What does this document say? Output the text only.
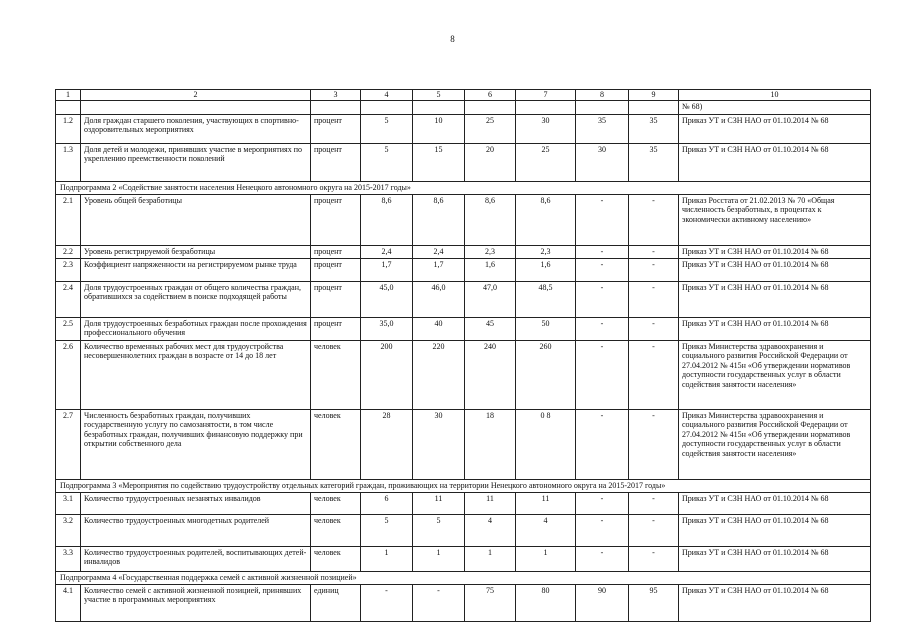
8
1	2	3	4	5	6	7	8	9	10
									№ 68)
1.2	Доля граждан старшего поколения, участвующих в спортивно-оздоровительных мероприятиях	процент	5	10	25	30	35	35	Приказ УТ и СЗН НАО от 01.10.2014 № 68
1.3	Доля детей и молодежи, принявших участие в мероприятиях по укреплению преемственности поколений	процент	5	15	20	25	30	35	Приказ УТ и СЗН НАО от 01.10.2014 № 68
Подпрограмма 2 «Содействие занятости населения Ненецкого автономного округа на 2015-2017 годы»									
2.1	Уровень общей безработицы	процент	8,6	8,6	8,6	8,6	-	-	Приказ Росстата от 21.02.2013 № 70 «Общая численность безработных, в процентах к экономически активному населению»
2.2	Уровень регистрируемой безработицы	процент	2,4	2,4	2,3	2,3	-	-	Приказ УТ и СЗН НАО от 01.10.2014 № 68
2.3	Коэффициент напряженности на регистрируемом рынке труда	процент	1,7	1,7	1,6	1,6	-	-	Приказ УТ и СЗН НАО от 01.10.2014 № 68
2.4	Доля трудоустроенных граждан от общего количества граждан, обратившихся за содействием в поиске подходящей работы	процент	45,0	46,0	47,0	48,5	-	-	Приказ УТ и СЗН НАО от 01.10.2014 № 68
2.5	Доля трудоустроенных безработных граждан после прохождения профессионального обучения	процент	35,0	40	45	50	-	-	Приказ УТ и СЗН НАО от 01.10.2014 № 68
2.6	Количество временных рабочих мест для трудоустройства несовершеннолетних граждан в возрасте от 14 до 18 лет	человек	200	220	240	260	-	-	Приказ Министерства здравоохранения и социального развития Российской Федерации от 27.04.2012 № 415н «Об утверждении нормативов доступности государственных услуг в области содействия занятости населения»
2.7	Численность безработных граждан, получивших государственную услугу по самозанятости, в том числе безработных граждан, получивших финансовую поддержку при открытии собственного дела	человек	28	30	18	0 8	-	-	Приказ Министерства здравоохранения и социального развития Российской Федерации от 27.04.2012 № 415н «Об утверждении нормативов доступности государственных услуг в области содействия занятости населения»
Подпрограмма 3 «Мероприятия по содействию трудоустройству отдельных категорий граждан, проживающих на территории Ненецкого автономного округа на 2015-2017 годы»									
3.1	Количество трудоустроенных незанятых инвалидов	человек	6	11	11	11	-	-	Приказ УТ и СЗН НАО от 01.10.2014 № 68
3.2	Количество трудоустроенных многодетных родителей	человек	5	5	4	4	-	-	Приказ УТ и СЗН НАО от 01.10.2014 № 68
3.3	Количество трудоустроенных родителей, воспитывающих детей-инвалидов	человек	1	1	1	1	-	-	Приказ УТ и СЗН НАО от 01.10.2014 № 68
Подпрограмма 4 «Государственная поддержка семей с активной жизненной позицией»									
4.1	Количество семей с активной жизненной позицией, принявших участие в программных мероприятиях	единиц	-	-	75	80	90	95	Приказ УТ и СЗН НАО от 01.10.2014 № 68
